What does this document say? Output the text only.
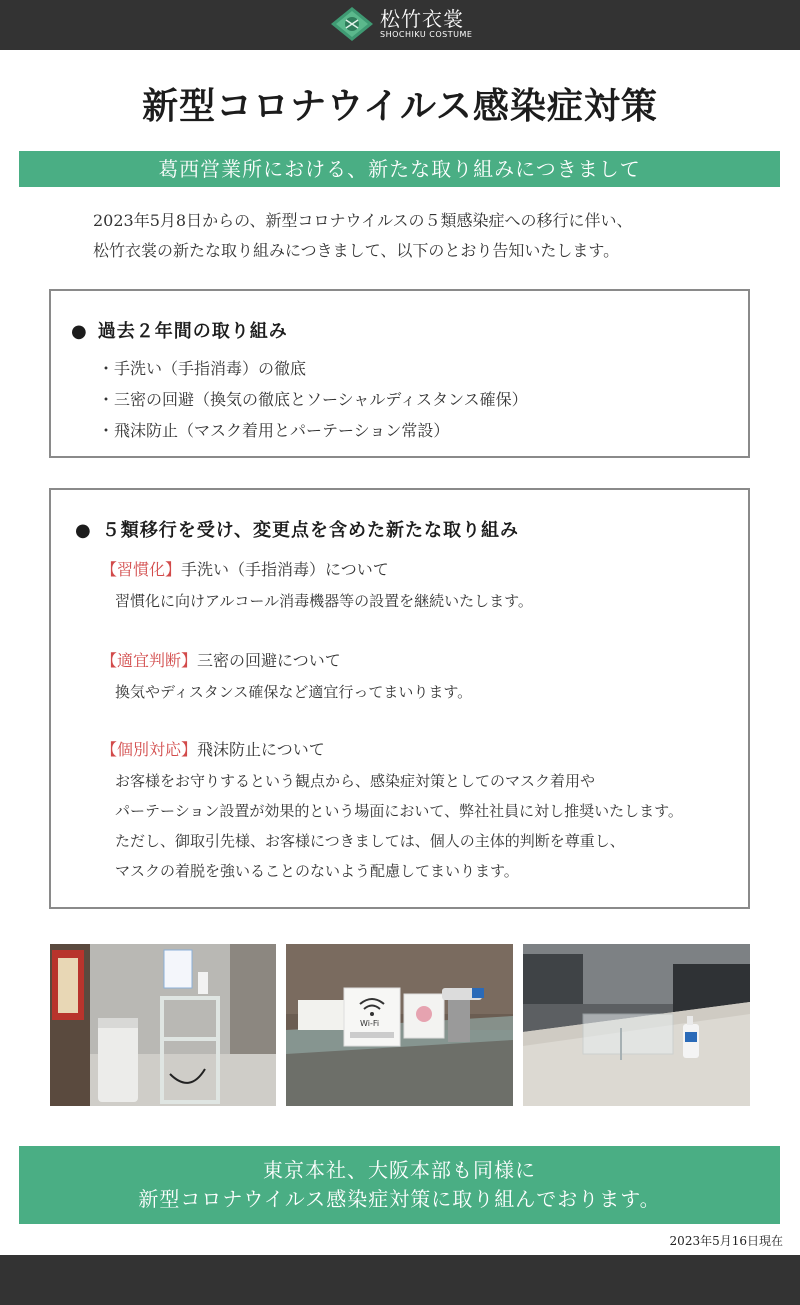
松竹衣裳
SHOCHIKU COSTUME
新型コロナウイルス感染症対策
葛西営業所における、新たな取り組みにつきまして
2023年5月8日からの、新型コロナウイルスの５類感染症への移行に伴い、
松竹衣裳の新たな取り組みにつきまして、以下のとおり告知いたします。
● 過去２年間の取り組み
・手洗い（手指消毒）の徹底
・三密の回避（換気の徹底とソーシャルディスタンス確保）
・飛沫防止（マスク着用とパーテーション常設）
● ５類移行を受け、変更点を含めた新たな取り組み
【習慣化】手洗い（手指消毒）について
習慣化に向けアルコール消毒機器等の設置を継続いたします。
【適宜判断】三密の回避について
換気やディスタンス確保など適宜行ってまいります。
【個別対応】飛沫防止について
お客様をお守りするという観点から、感染症対策としてのマスク着用や
パーテーション設置が効果的という場面において、弊社社員に対し推奨いたします。
ただし、御取引先様、お客様につきましては、個人の主体的判断を尊重し、
マスクの着脱を強いることのないよう配慮してまいります。
Wi-Fi
東京本社、大阪本部も同様に
新型コロナウイルス感染症対策に取り組んでおります。
2023年5月16日現在
